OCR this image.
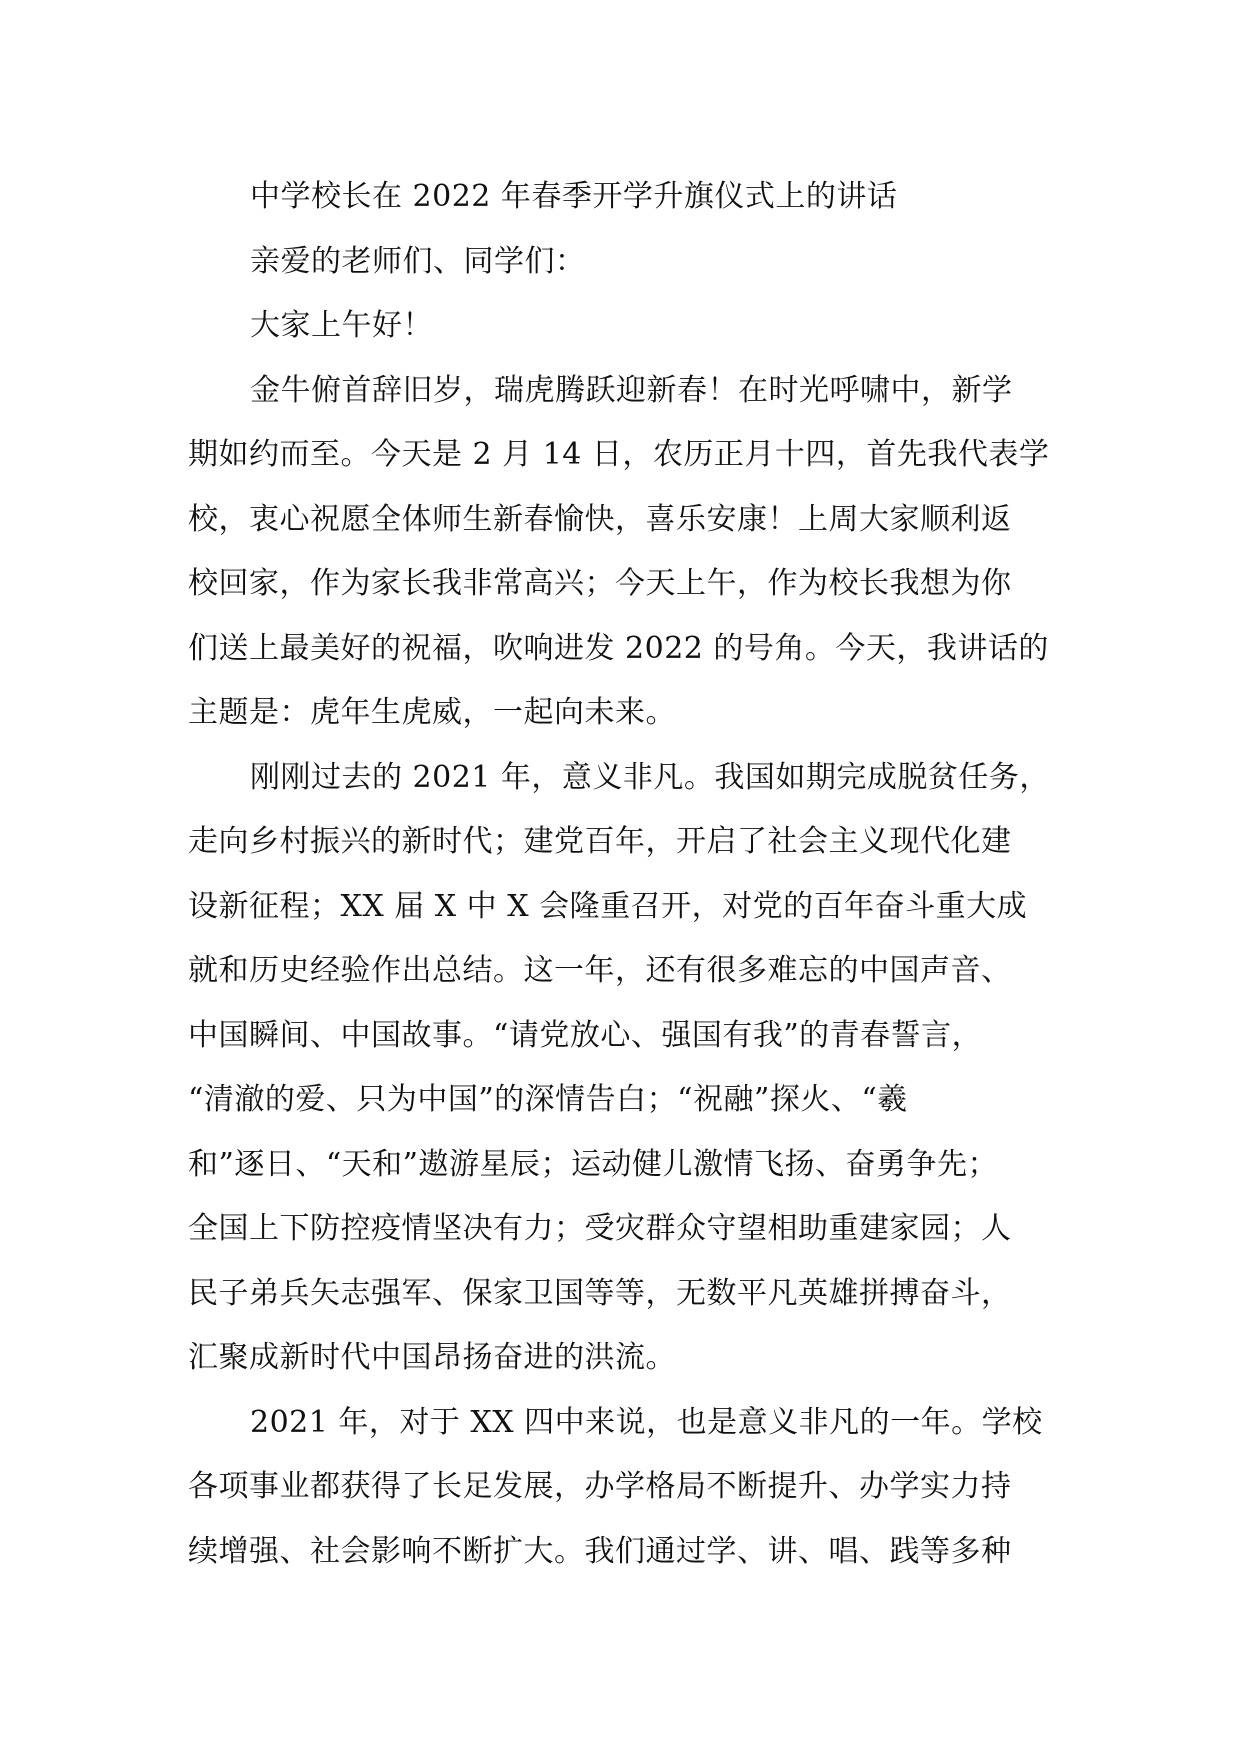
中学校长在 2022 年春季开学升旗仪式上的讲话
亲爱的老师们、同学们：
大家上午好！
金牛俯首辞旧岁，瑞虎腾跃迎新春！在时光呼啸中，新学
期如约而至。今天是 2 月 14 日，农历正月十四，首先我代表学
校，衷心祝愿全体师生新春愉快，喜乐安康！上周大家顺利返
校回家，作为家长我非常高兴；今天上午，作为校长我想为你
们送上最美好的祝福，吹响进发 2022 的号角。今天，我讲话的
主题是：虎年生虎威，一起向未来。
刚刚过去的 2021 年，意义非凡。我国如期完成脱贫任务，
走向乡村振兴的新时代；建党百年，开启了社会主义现代化建
设新征程；XX 届 X 中 X 会隆重召开，对党的百年奋斗重大成
就和历史经验作出总结。这一年，还有很多难忘的中国声音、
中国瞬间、中国故事。“请党放心、强国有我”的青春誓言，
“清澈的爱、只为中国”的深情告白；“祝融”探火、“羲
和”逐日、“天和”遨游星辰；运动健儿激情飞扬、奋勇争先；
全国上下防控疫情坚决有力；受灾群众守望相助重建家园；人
民子弟兵矢志强军、保家卫国等等，无数平凡英雄拼搏奋斗，
汇聚成新时代中国昂扬奋进的洪流。
2021 年，对于 XX 四中来说，也是意义非凡的一年。学校
各项事业都获得了长足发展，办学格局不断提升、办学实力持
续增强、社会影响不断扩大。我们通过学、讲、唱、践等多种
